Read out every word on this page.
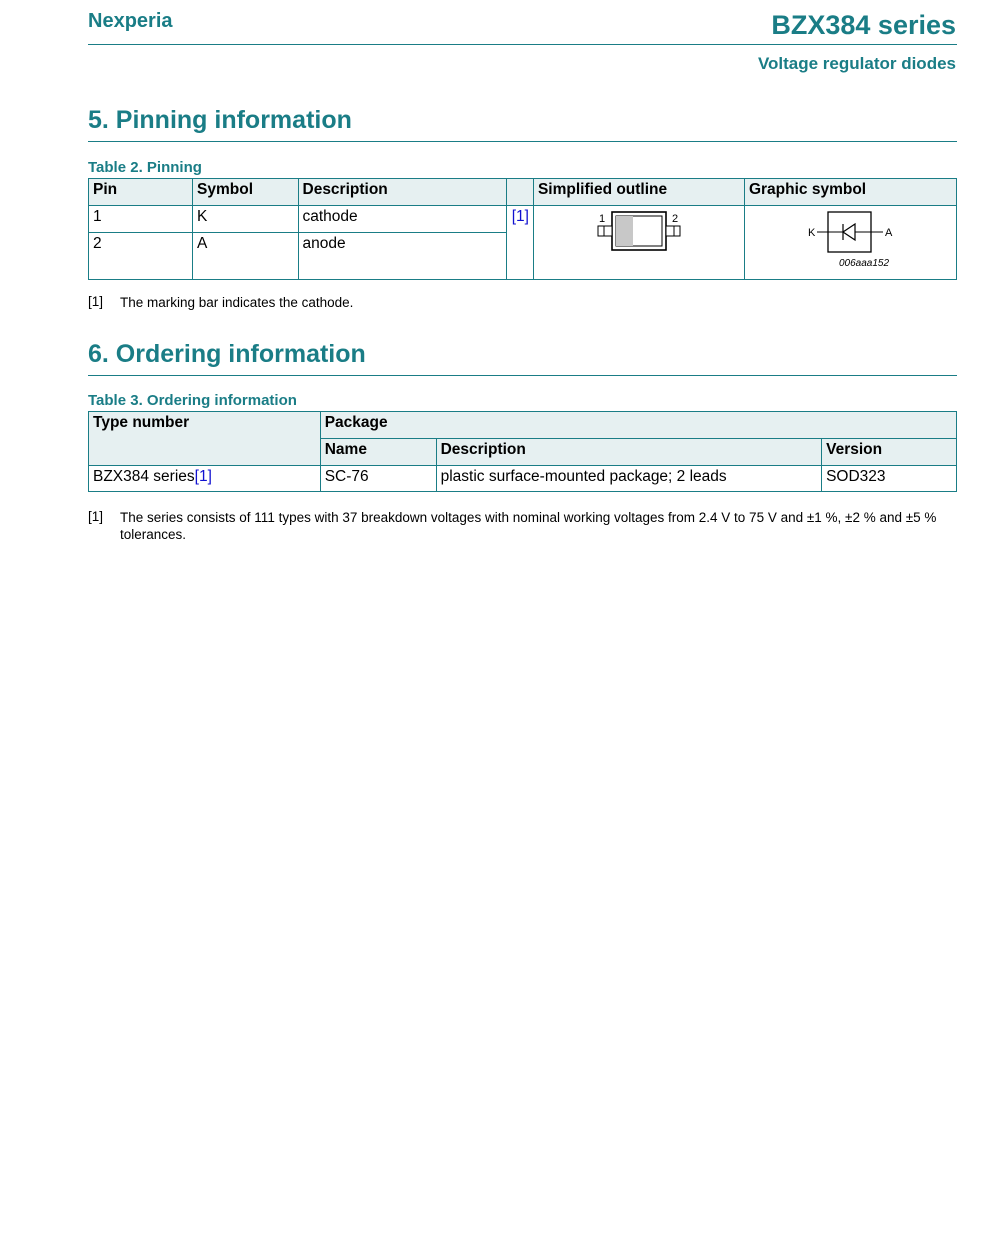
Nexperia	BZX384 series
Voltage regulator diodes
5. Pinning information
Table 2. Pinning
Pin	Symbol	Description		Simplified outline	Graphic symbol
1	K	cathode	[1]	1 2	K A
006aaa152

2	A	anode			
[1]	The marking bar indicates the cathode.
6. Ordering information
Table 3. Ordering information
Type number	Package		
	Name	Description	Version
BZX384 series[1]	SC-76	plastic surface-mounted package; 2 leads	SOD323
[1]	The series consists of 111 types with 37 breakdown voltages with nominal working voltages from 2.4 V to 75 V and ±1 %, ±2 % and ±5 % tolerances.
